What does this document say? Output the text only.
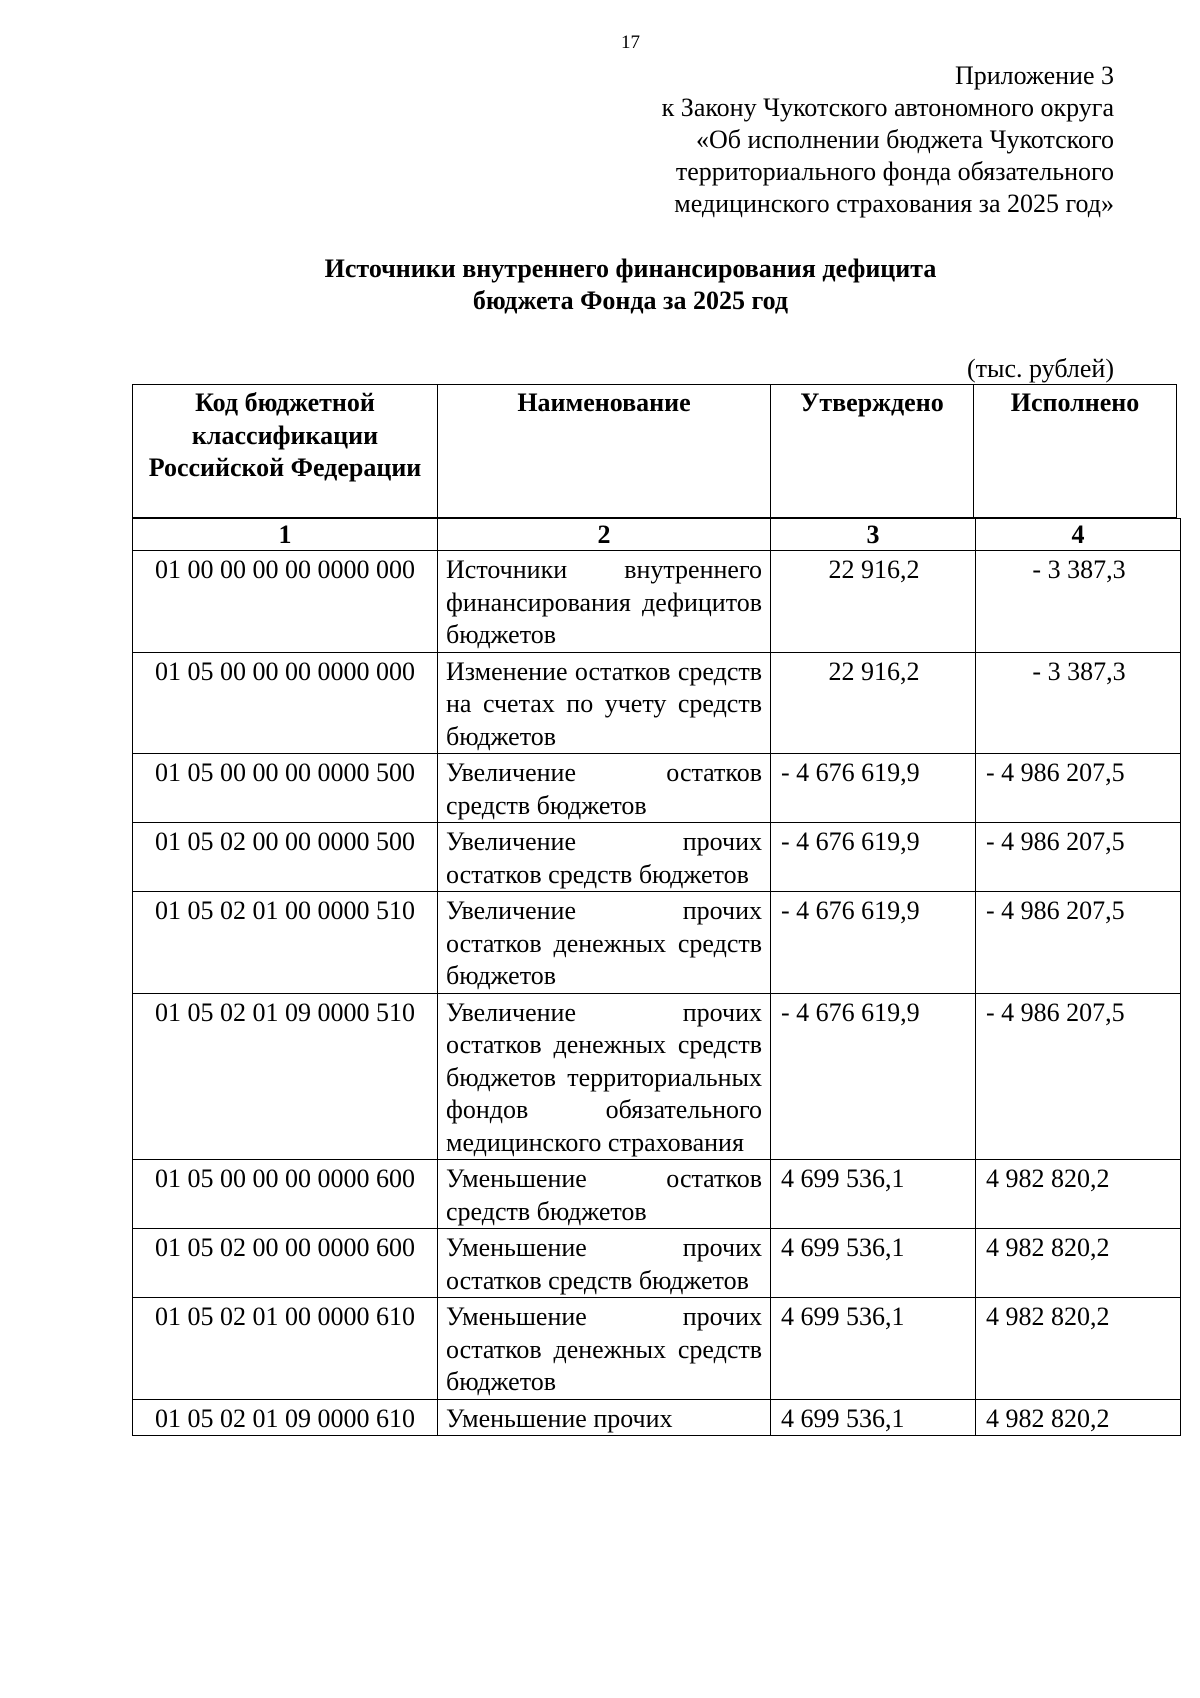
17
Приложение 3
к Закону Чукотского автономного округа
«Об исполнении бюджета Чукотского
территориального фонда обязательного
медицинского страхования за 2025 год»
Источники внутреннего финансирования дефицита
бюджета Фонда за 2025 год
(тыс. рублей)
Код бюджетной классификации Российской Федерации	Наименование	Утверждено	Исполнено
1	2	3	4
01 00 00 00 00 0000 000	Источники внутреннего финансирования дефицитов бюджетов	22 916,2	- 3 387,3
01 05 00 00 00 0000 000	Изменение остатков средств на счетах по учету средств бюджетов	22 916,2	- 3 387,3
01 05 00 00 00 0000 500	Увеличение остатков средств бюджетов	- 4 676 619,9	- 4 986 207,5
01 05 02 00 00 0000 500	Увеличение прочих остатков средств бюджетов	- 4 676 619,9	- 4 986 207,5
01 05 02 01 00 0000 510	Увеличение прочих остатков денежных средств бюджетов	- 4 676 619,9	- 4 986 207,5
01 05 02 01 09 0000 510	Увеличение прочих остатков денежных средств бюджетов территориальных фондов обязательного медицинского страхования	- 4 676 619,9	- 4 986 207,5
01 05 00 00 00 0000 600	Уменьшение остатков средств бюджетов	4 699 536,1	4 982 820,2
01 05 02 00 00 0000 600	Уменьшение прочих остатков средств бюджетов	4 699 536,1	4 982 820,2
01 05 02 01 00 0000 610	Уменьшение прочих остатков денежных средств бюджетов	4 699 536,1	4 982 820,2
01 05 02 01 09 0000 610	Уменьшение прочих	4 699 536,1	4 982 820,2
